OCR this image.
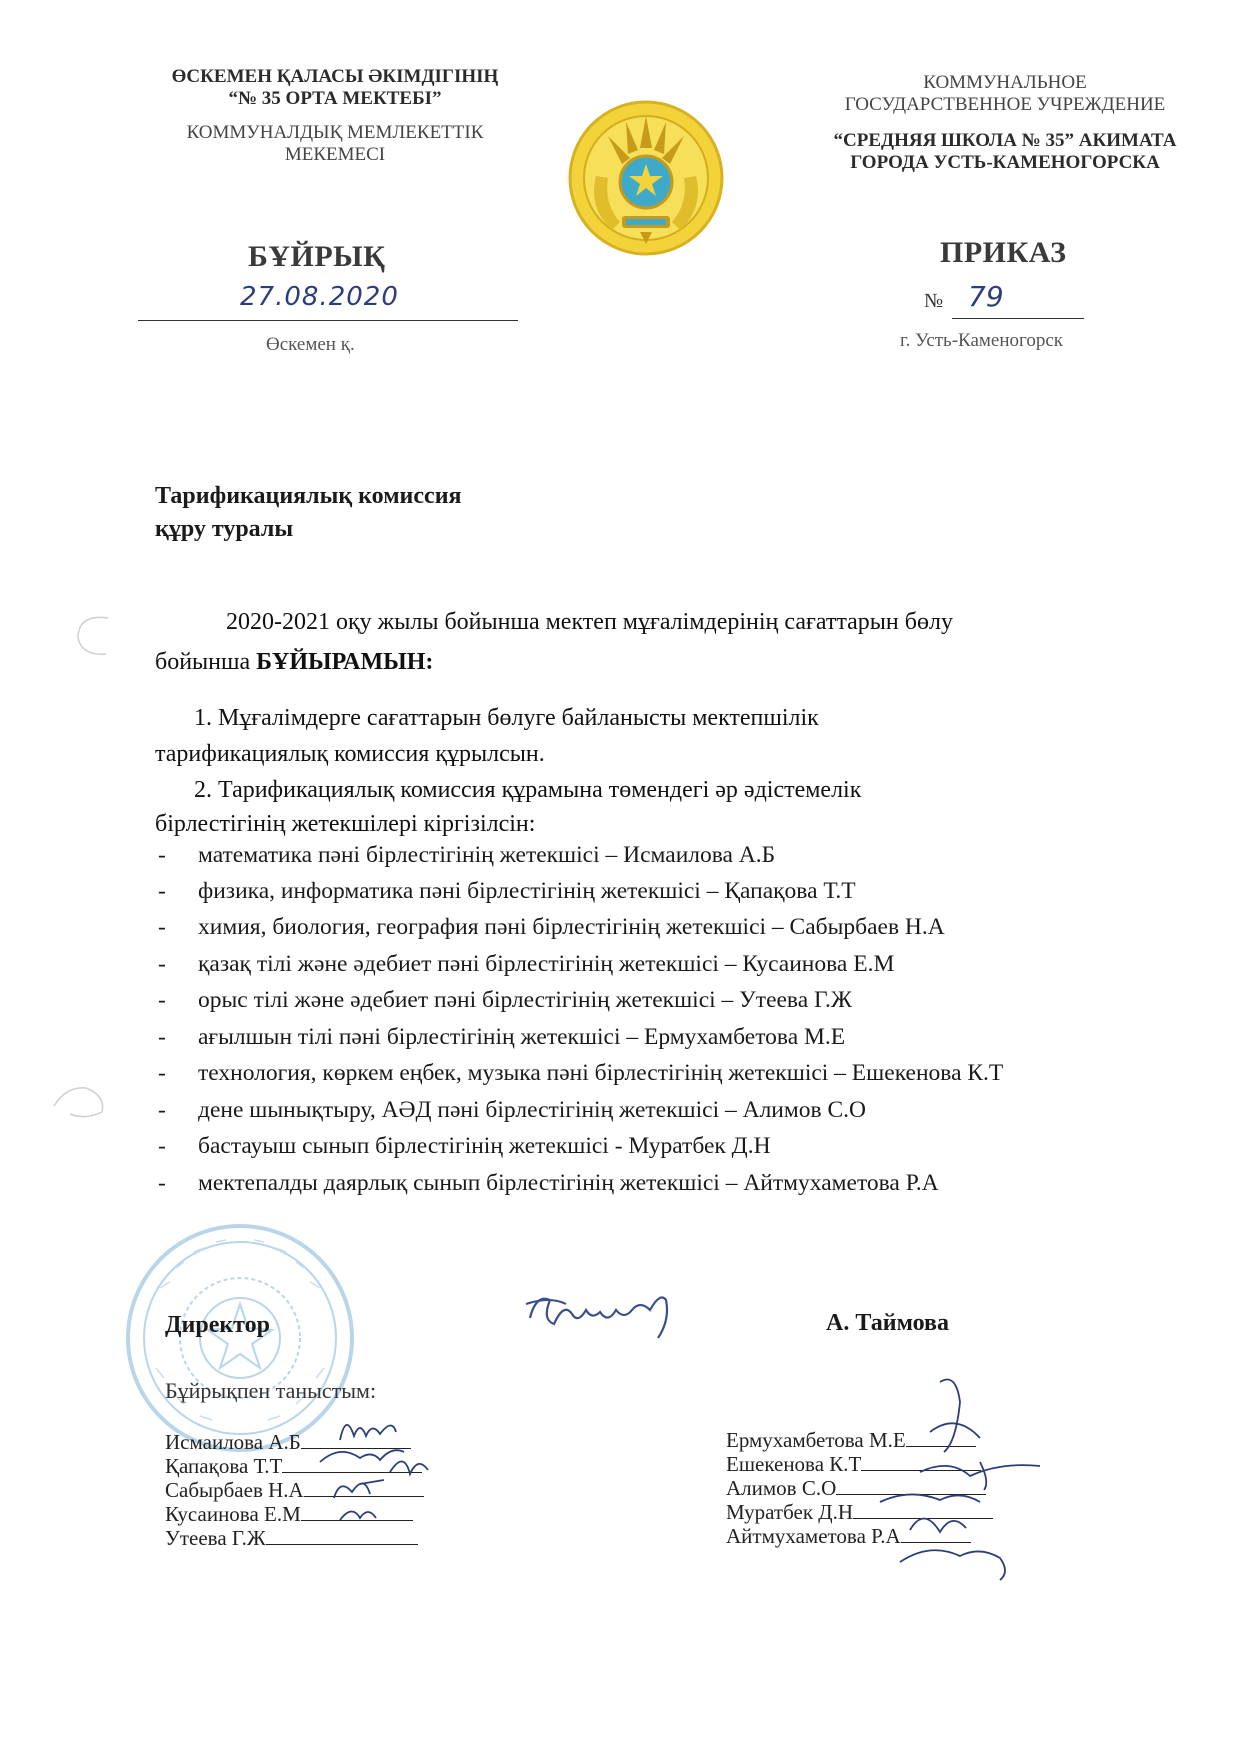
ӨСКЕМЕН ҚАЛАСЫ ӘКІМДІГІНІҢ
“№ 35 ОРТА МЕКТЕБІ”
КОММУНАЛДЫҚ МЕМЛЕКЕТТІК
МЕКЕМЕСІ
КОММУНАЛЬНОЕ
ГОСУДАРСТВЕННОЕ УЧРЕЖДЕНИЕ
“СРЕДНЯЯ ШКОЛА № 35” АКИМАТА
ГОРОДА УСТЬ-КАМЕНОГОРСКА
БҰЙРЫҚ	ПРИКАЗ
27.08.2020	№ 79
Өскемен қ.	г. Усть-Каменогорск
Тарификациялық комиссия
құру туралы
2020-2021 оқу жылы бойынша мектеп мұғалімдерінің сағаттарын бөлу
бойынша БҰЙЫРАМЫН:
1. Мұғалімдерге сағаттарын бөлуге байланысты мектепшілік
тарификациялық комиссия құрылсын.
2. Тарификациялық комиссия құрамына төмендегі әр әдістемелік
бірлестігінің жетекшілері кіргізілсін:
-	математика пәні бірлестігінің жетекшісі – Исмаилова А.Б
-	физика, информатика пәні бірлестігінің жетекшісі – Қапақова Т.Т
-	химия, биология, география пәні бірлестігінің жетекшісі – Сабырбаев Н.А
-	қазақ тілі және әдебиет пәні бірлестігінің жетекшісі – Кусаинова Е.М
-	орыс тілі және әдебиет пәні бірлестігінің жетекшісі – Утеева Г.Ж
-	ағылшын тілі пәні бірлестігінің жетекшісі – Ермухамбетова М.Е
-	технология, көркем еңбек, музыка пәні бірлестігінің жетекшісі – Ешекенова К.Т
-	дене шынықтыру, АӘД пәні бірлестігінің жетекшісі – Алимов С.О
-	бастауыш сынып бірлестігінің жетекшісі - Муратбек Д.Н
-	мектепалды даярлық сынып бірлестігінің жетекшісі – Айтмухаметова Р.А
Директор	А. Таймова
Бұйрықпен таныстым:
Исмаилова А.Б
Қапақова Т.Т
Сабырбаев Н.А
Кусаинова Е.М
Утеева Г.Ж
Ермухамбетова М.Е
Ешекенова К.Т
Алимов С.О
Муратбек Д.Н
Айтмухаметова Р.А
